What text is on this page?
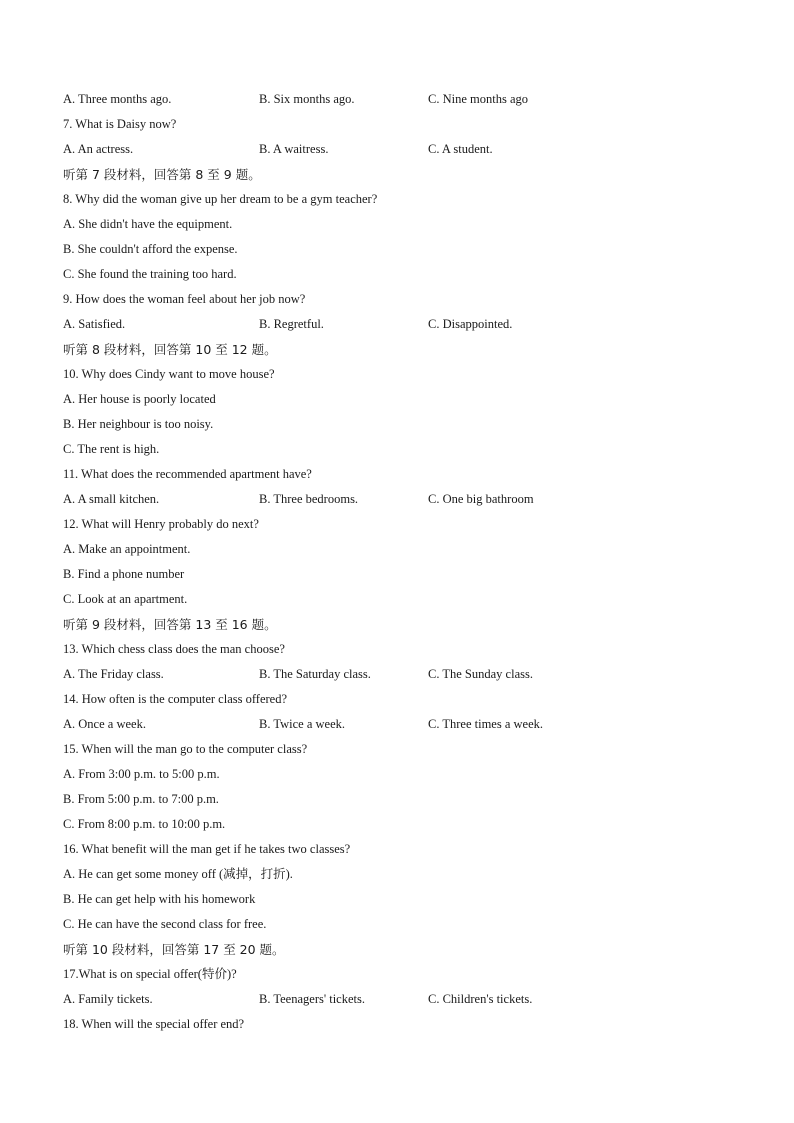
A. Three months ago.	B. Six months ago.	C. Nine months ago
7. What is Daisy now?
A. An actress.	B. A waitress.	C. A student.
听第 7 段材料，回答第 8 至 9 题。
8. Why did the woman give up her dream to be a gym teacher?
A. She didn't have the equipment.
B. She couldn't afford the expense.
C. She found the training too hard.
9. How does the woman feel about her job now?
A. Satisfied.	B. Regretful.	C. Disappointed.
听第 8 段材料，回答第 10 至 12 题。
10. Why does Cindy want to move house?
A. Her house is poorly located
B. Her neighbour is too noisy.
C. The rent is high.
11. What does the recommended apartment have?
A. A small kitchen.	B. Three bedrooms.	C. One big bathroom
12. What will Henry probably do next?
A. Make an appointment.
B. Find a phone number
C. Look at an apartment.
听第 9 段材料，回答第 13 至 16 题。
13. Which chess class does the man choose?
A. The Friday class.	B. The Saturday class.	C. The Sunday class.
14. How often is the computer class offered?
A. Once a week.	B. Twice a week.	C. Three times a week.
15. When will the man go to the computer class?
A. From 3:00 p.m. to 5:00 p.m.
B. From 5:00 p.m. to 7:00 p.m.
C. From 8:00 p.m. to 10:00 p.m.
16. What benefit will the man get if he takes two classes?
A. He can get some money off (减掉，打折).
B. He can get help with his homework
C. He can have the second class for free.
听第 10 段材料，回答第 17 至 20 题。
17.What is on special offer(特价)?
A. Family tickets.	B. Teenagers' tickets.	C. Children's tickets.
18. When will the special offer end?
